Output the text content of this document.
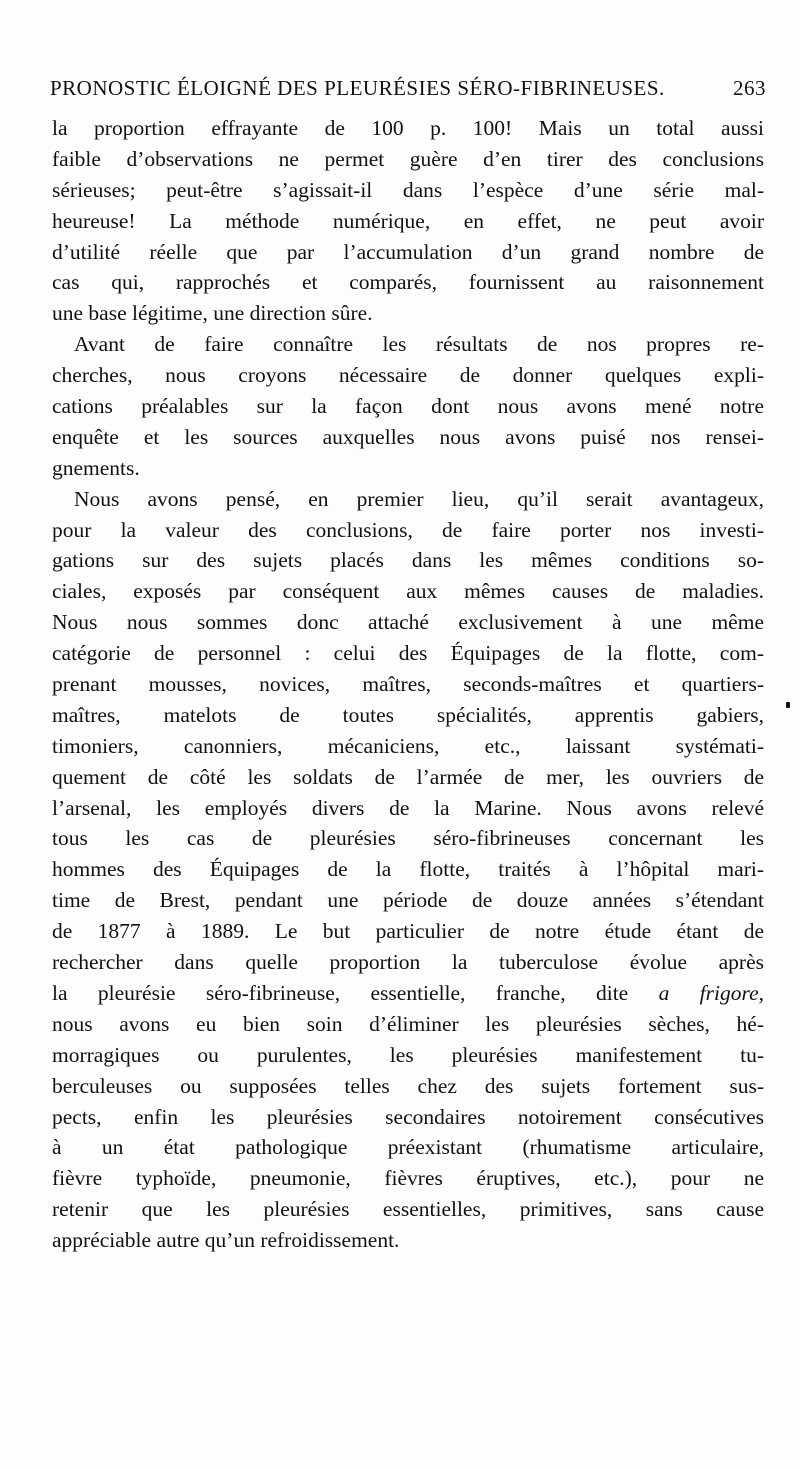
PRONOSTIC ÉLOIGNÉ DES PLEURÉSIES SÉRO-FIBRINEUSES.	263
la proportion effrayante de 100 p. 100! Mais un total aussi
faible d’observations ne permet guère d’en tirer des conclusions
sérieuses; peut-être s’agissait-il dans l’espèce d’une série mal-
heureuse! La méthode numérique, en effet, ne peut avoir
d’utilité réelle que par l’accumulation d’un grand nombre de
cas qui, rapprochés et comparés, fournissent au raisonnement
une base légitime, une direction sûre.
Avant de faire connaître les résultats de nos propres re-
cherches, nous croyons nécessaire de donner quelques expli-
cations préalables sur la façon dont nous avons mené notre
enquête et les sources auxquelles nous avons puisé nos rensei-
gnements.
Nous avons pensé, en premier lieu, qu’il serait avantageux,
pour la valeur des conclusions, de faire porter nos investi-
gations sur des sujets placés dans les mêmes conditions so-
ciales, exposés par conséquent aux mêmes causes de maladies.
Nous nous sommes donc attaché exclusivement à une même
catégorie de personnel : celui des Équipages de la flotte, com-
prenant mousses, novices, maîtres, seconds-maîtres et quartiers-
maîtres, matelots de toutes spécialités, apprentis gabiers,
timoniers, canonniers, mécaniciens, etc., laissant systémati-
quement de côté les soldats de l’armée de mer, les ouvriers de
l’arsenal, les employés divers de la Marine. Nous avons relevé
tous les cas de pleurésies séro-fibrineuses concernant les
hommes des Équipages de la flotte, traités à l’hôpital mari-
time de Brest, pendant une période de douze années s’étendant
de 1877 à 1889. Le but particulier de notre étude étant de
rechercher dans quelle proportion la tuberculose évolue après
la pleurésie séro-fibrineuse, essentielle, franche, dite a frigore,
nous avons eu bien soin d’éliminer les pleurésies sèches, hé-
morragiques ou purulentes, les pleurésies manifestement tu-
berculeuses ou supposées telles chez des sujets fortement sus-
pects, enfin les pleurésies secondaires notoirement consécutives
à un état pathologique préexistant (rhumatisme articulaire,
fièvre typhoïde, pneumonie, fièvres éruptives, etc.), pour ne
retenir que les pleurésies essentielles, primitives, sans cause
appréciable autre qu’un refroidissement.
